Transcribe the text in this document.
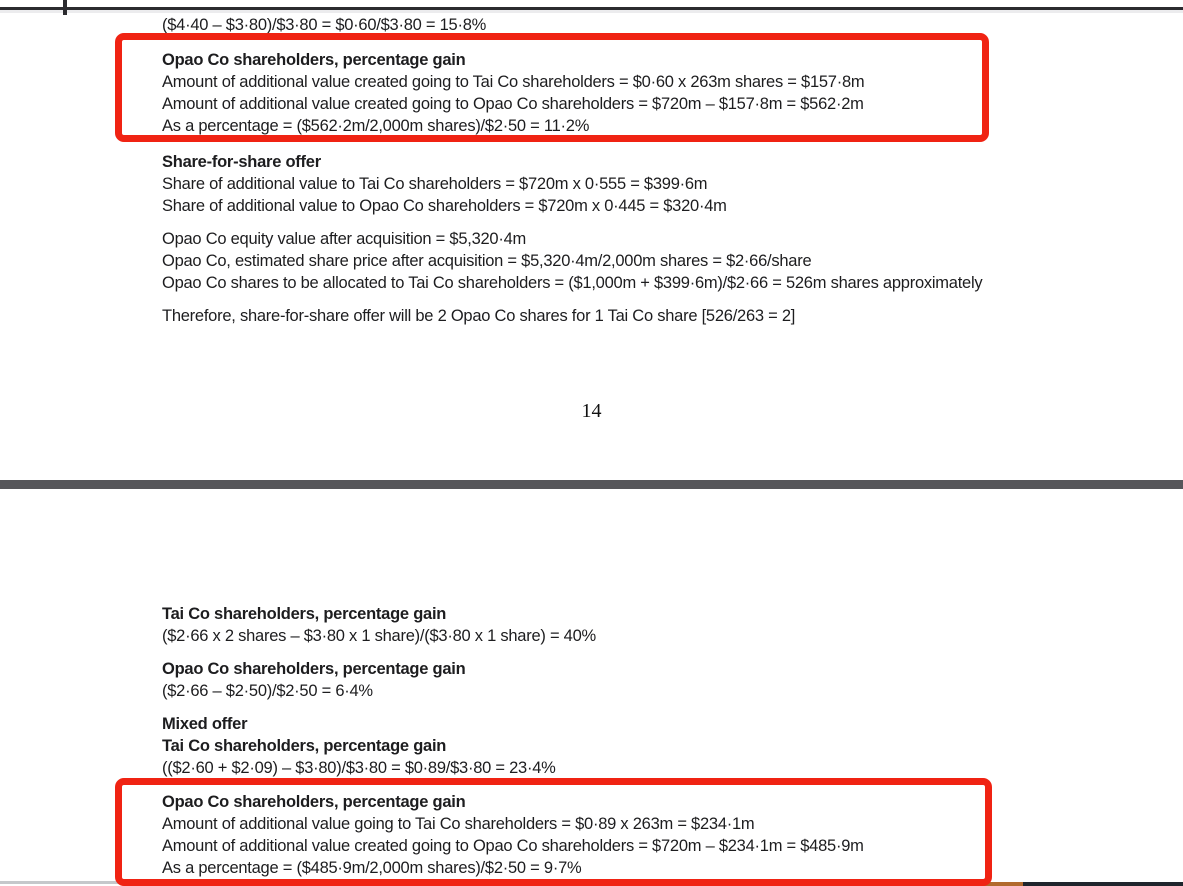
($4·40 – $3·80)/$3·80 = $0·60/$3·80 = 15·8%
Opao Co shareholders, percentage gain
Amount of additional value created going to Tai Co shareholders = $0·60 x 263m shares = $157·8m
Amount of additional value created going to Opao Co shareholders = $720m – $157·8m = $562·2m
As a percentage = ($562·2m/2,000m shares)/$2·50 = 11·2%
Share-for-share offer
Share of additional value to Tai Co shareholders = $720m x 0·555 = $399·6m
Share of additional value to Opao Co shareholders = $720m x 0·445 = $320·4m
Opao Co equity value after acquisition = $5,320·4m
Opao Co, estimated share price after acquisition = $5,320·4m/2,000m shares = $2·66/share
Opao Co shares to be allocated to Tai Co shareholders = ($1,000m + $399·6m)/$2·66 = 526m shares approximately
Therefore, share-for-share offer will be 2 Opao Co shares for 1 Tai Co share [526/263 = 2]
14
Tai Co shareholders, percentage gain
($2·66 x 2 shares – $3·80 x 1 share)/($3·80 x 1 share) = 40%
Opao Co shareholders, percentage gain
($2·66 – $2·50)/$2·50 = 6·4%
Mixed offer
Tai Co shareholders, percentage gain
(($2·60 + $2·09) – $3·80)/$3·80 = $0·89/$3·80 = 23·4%
Opao Co shareholders, percentage gain
Amount of additional value going to Tai Co shareholders = $0·89 x 263m = $234·1m
Amount of additional value created going to Opao Co shareholders = $720m – $234·1m = $485·9m
As a percentage = ($485·9m/2,000m shares)/$2·50 = 9·7%
